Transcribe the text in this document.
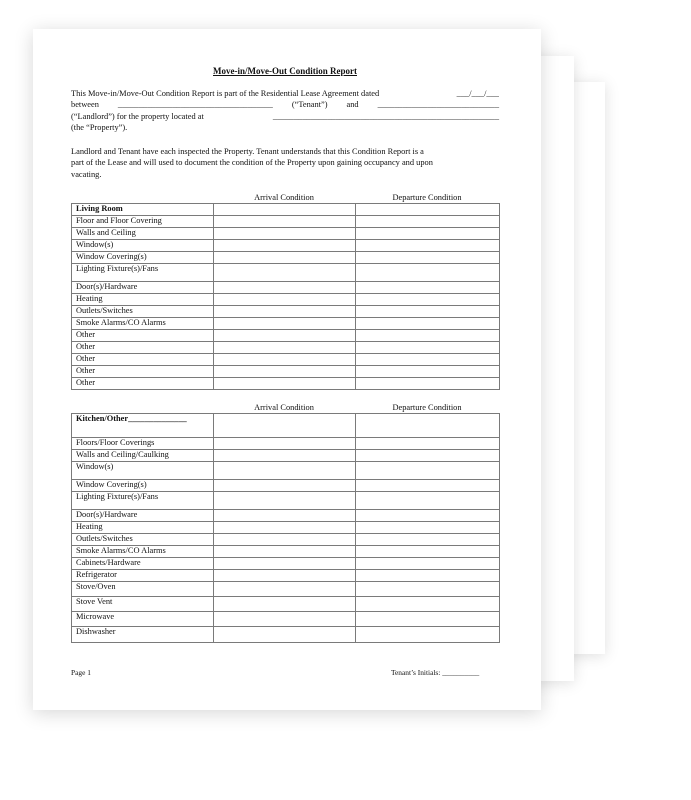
Move-in/Move-Out Condition Report
This Move-in/Move-Out Condition Report is part of the Residential Lease Agreement dated	___/___/___
between _____________________________________ (“Tenant”) and _____________________________
(“Landlord”) for the property located at	______________________________________________________
(the “Property”).
Landlord and Tenant have each inspected the Property. Tenant understands that this Condition Report is a
part of the Lease and will used to document the condition of the Property upon gaining occupancy and upon
vacating.
Arrival Condition	Departure Condition
Living Room		
Floor and Floor Covering		
Walls and Ceiling		
Window(s)		
Window Covering(s)		
Lighting Fixture(s)/Fans		
Door(s)/Hardware		
Heating		
Outlets/Switches		
Smoke Alarms/CO Alarms		
Other		
Other		
Other		
Other		
Other		
Arrival Condition	Departure Condition
Kitchen/Other______________		
Floors/Floor Coverings		
Walls and Ceiling/Caulking		
Window(s)		
Window Covering(s)		
Lighting Fixture(s)/Fans		
Door(s)/Hardware		
Heating		
Outlets/Switches		
Smoke Alarms/CO Alarms		
Cabinets/Hardware		
Refrigerator		
Stove/Oven		
Stove Vent		
Microwave		
Dishwasher		
Page 1	Tenant’s Initials: __________
